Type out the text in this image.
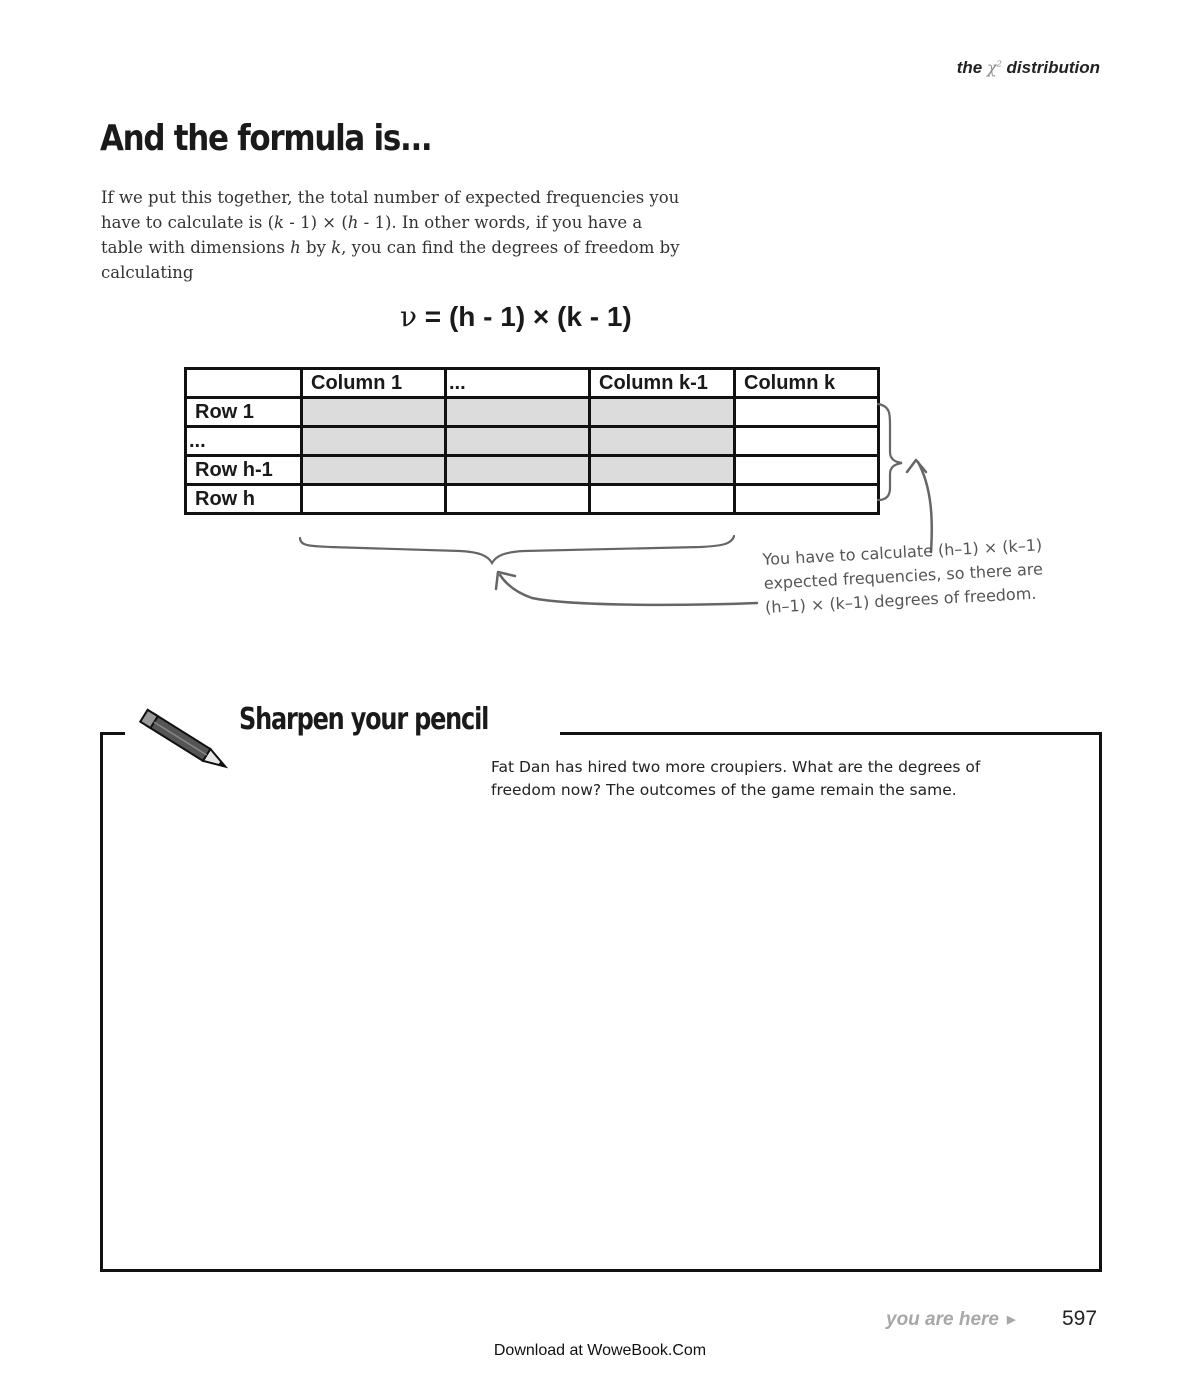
the $\chi^2$ distribution
And the formula is...

If we put this together, the total number of expected frequencies you have to calculate is (k - 1) × (h - 1). In other words, if you have a table with dimensions h by k, you can find the degrees of freedom by calculating

ν = (h - 1) × (k - 1)
	Column 1	...	Column k-1	Column k
Row 1				
...				
Row h-1				
Row h				
You have to calculate (h–1) × (k–1)
expected frequencies, so there are
(h–1) × (k–1) degrees of freedom.
Sharpen your pencil

Fat Dan has hired two more croupiers. What are the degrees of freedom now? The outcomes of the game remain the same.

you are here ▶ 597
Download at WoweBook.Com
